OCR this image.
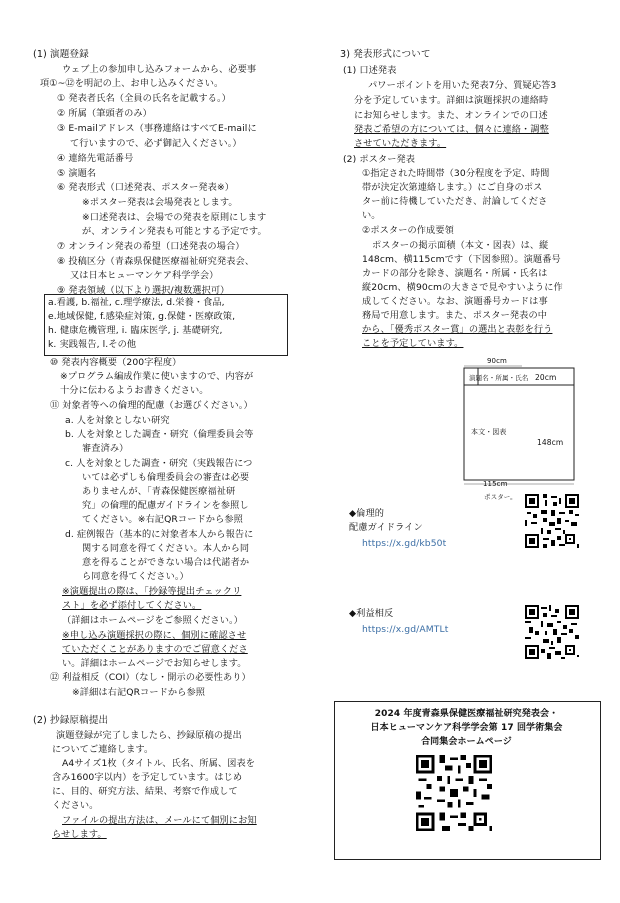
(1) 演題登録
ウェブ上の参加申し込みフォームから、必要事
項①~⑫を明記の上、お申し込みください。
① 発表者氏名（全員の氏名を記載する。）
② 所属（筆頭者のみ）
③ E-mailアドレス（事務連絡はすべてE-mailに
て行いますので、必ず御記入ください。）
④ 連絡先電話番号
⑤ 演題名
⑥ 発表形式（口述発表、ポスター発表※）
※ポスター発表は会場発表とします。
※口述発表は、会場での発表を原則にします
が、オンライン発表も可能とする予定です。
⑦ オンライン発表の希望（口述発表の場合）
⑧ 投稿区分（青森県保健医療福祉研究発表会、
又は日本ヒューマンケア科学学会）
⑨ 発表領域（以下より選択/複数選択可）
a.看護, b.福祉, c.理学療法, d.栄養・食品,
e.地域保健, f.感染症対策, g.保健・医療政策,
h. 健康危機管理, i. 臨床医学, j. 基礎研究,
k. 実践報告, l.その他
⑩ 発表内容概要（200字程度）
※プログラム編成作業に使いますので、内容が
十分に伝わるようお書きください。
⑪ 対象者等への倫理的配慮（お選びください。）
a. 人を対象としない研究
b. 人を対象とした調査・研究（倫理委員会等
審査済み）
c. 人を対象とした調査・研究（実践報告につ
いては必ずしも倫理委員会の審査は必要
ありませんが、「青森保健医療福祉研
究」の倫理的配慮ガイドラインを参照し
てください。※右記QRコードから参照
d. 症例報告（基本的に対象者本人から報告に
関する同意を得てください。本人から同
意を得ることができない場合は代諾者か
ら同意を得てください。）
※演題提出の際は、「抄録等提出チェックリ
スト」を必ず添付してください。
（詳細はホームページをご参照ください。）
※申し込み演題採択の際に、個別に確認させ
ていただくことがありますのでご留意くださ
い。詳細はホームページでお知らせします。
⑫ 利益相反（COI）（なし・開示の必要性あり）
※詳細は右記QRコードから参照
(2) 抄録原稿提出
演題登録が完了しましたら、抄録原稿の提出
についてご連絡します。
A4サイズ1枚（タイトル、氏名、所属、図表を
含み1600字以内）を予定しています。はじめ
に、目的、研究方法、結果、考察で作成して
ください。
ファイルの提出方法は、メールにて個別にお知
らせします。
3) 発表形式について
(1) 口述発表
パワーポイントを用いた発表7分、質疑応答3
分を予定しています。詳細は演題採択の連絡時
にお知らせします。また、オンラインでの口述
発表ご希望の方については、個々に連絡・調整
させていただきます。
(2) ポスター発表
①指定された時間帯（30分程度を予定、時間
帯が決定次第連絡します。）にご自身のポス
ター前に待機していただき、討論してくださ
い。
②ポスターの作成要領
ポスターの掲示面積（本文・図表）は、縦
148cm、横115cmです（下図参照）。演題番号
カードの部分を除き、演題名・所属・氏名は
縦20cm、横90cmの大きさで見やすいように作
成してください。なお、演題番号カードは事
務局で用意します。また、ポスター発表の中
から、「優秀ポスター賞」の選出と表彰を行う
ことを予定しています。
90cm
演題名・所属・氏名 20cm
本文・図表
148cm
115cm
ポスター。
◆倫理的
配慮ガイドライン
https://x.gd/kb50t
◆利益相反
https://x.gd/AMTLt
2024 年度青森県保健医療福祉研究発表会・
日本ヒューマンケア科学学会第 17 回学術集会
合同集会ホームページ
